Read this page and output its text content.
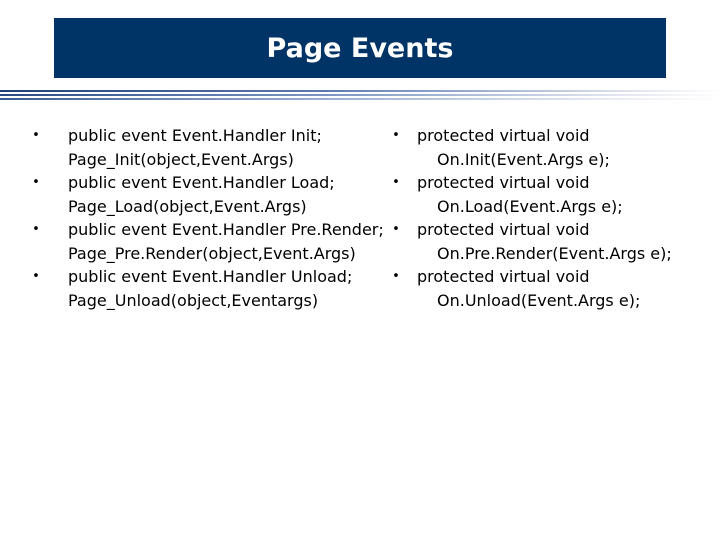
Page Events
•	public event Event.Handler Init;
Page_Init(object,Event.Args)
•	public event Event.Handler Load;
Page_Load(object,Event.Args)
•	public event Event.Handler Pre.Render;
Page_Pre.Render(object,Event.Args)
•	public event Event.Handler Unload;
Page_Unload(object,Eventargs)
•	protected virtual void
On.Init(Event.Args e);
•	protected virtual void
On.Load(Event.Args e);
•	protected virtual void
On.Pre.Render(Event.Args e);
•	protected virtual void
On.Unload(Event.Args e);
